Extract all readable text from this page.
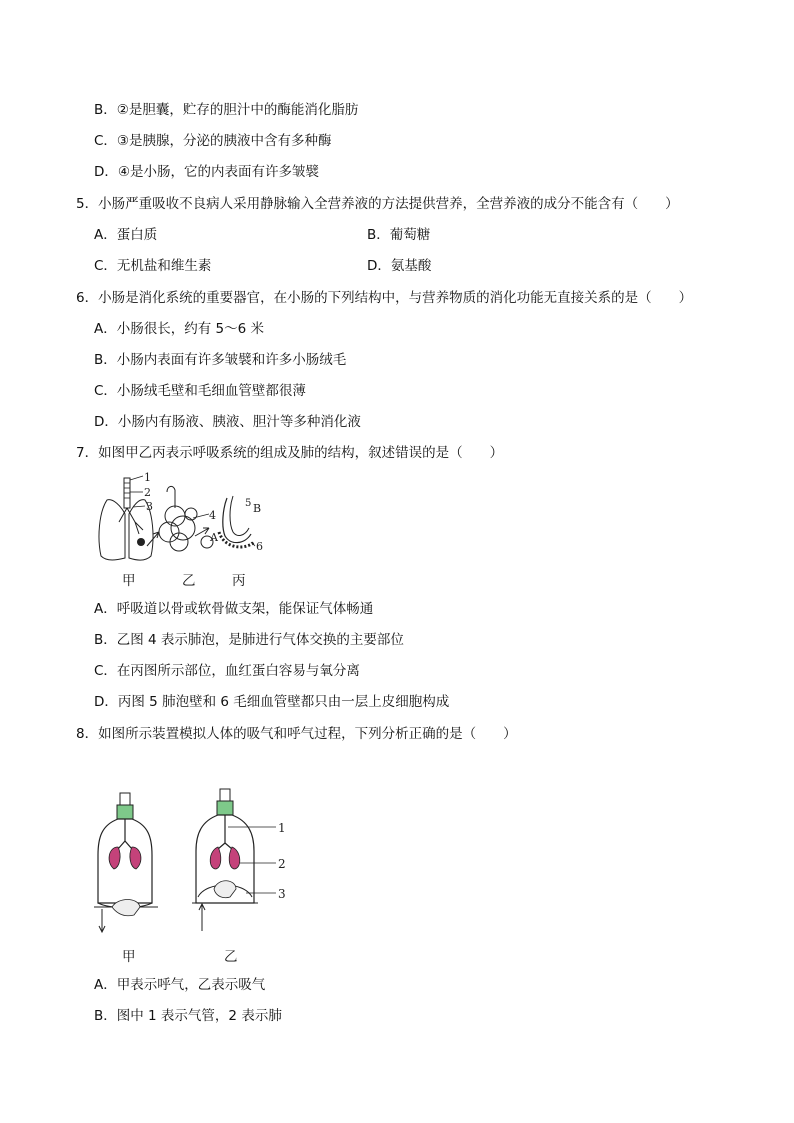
B．②是胆囊，贮存的胆汁中的酶能消化脂肪
C．③是胰腺，分泌的胰液中含有多种酶
D．④是小肠，它的内表面有许多皱襞
5．小肠严重吸收不良病人采用静脉输入全营养液的方法提供营养，全营养液的成分不能含有（　　）
A．蛋白质	B．葡萄糖
C．无机盐和维生素	D．氨基酸
6．小肠是消化系统的重要器官，在小肠的下列结构中，与营养物质的消化功能无直接关系的是（　　）
A．小肠很长，约有 5～6 米
B．小肠内表面有许多皱襞和许多小肠绒毛
C．小肠绒毛壁和毛细血管壁都很薄
D．小肠内有肠液、胰液、胆汁等多种消化液
7．如图甲乙丙表示呼吸系统的组成及肺的结构，叙述错误的是（　　）
1
2
3
4
A
5 B
6
甲	乙	丙
A．呼吸道以骨或软骨做支架，能保证气体畅通
B．乙图 4 表示肺泡，是肺进行气体交换的主要部位
C．在丙图所示部位，血红蛋白容易与氧分离
D．丙图 5 肺泡壁和 6 毛细血管壁都只由一层上皮细胞构成
8．如图所示装置模拟人体的吸气和呼气过程，下列分析正确的是（　　）
1
2
3
甲	乙
A．甲表示呼气，乙表示吸气
B．图中 1 表示气管，2 表示肺
